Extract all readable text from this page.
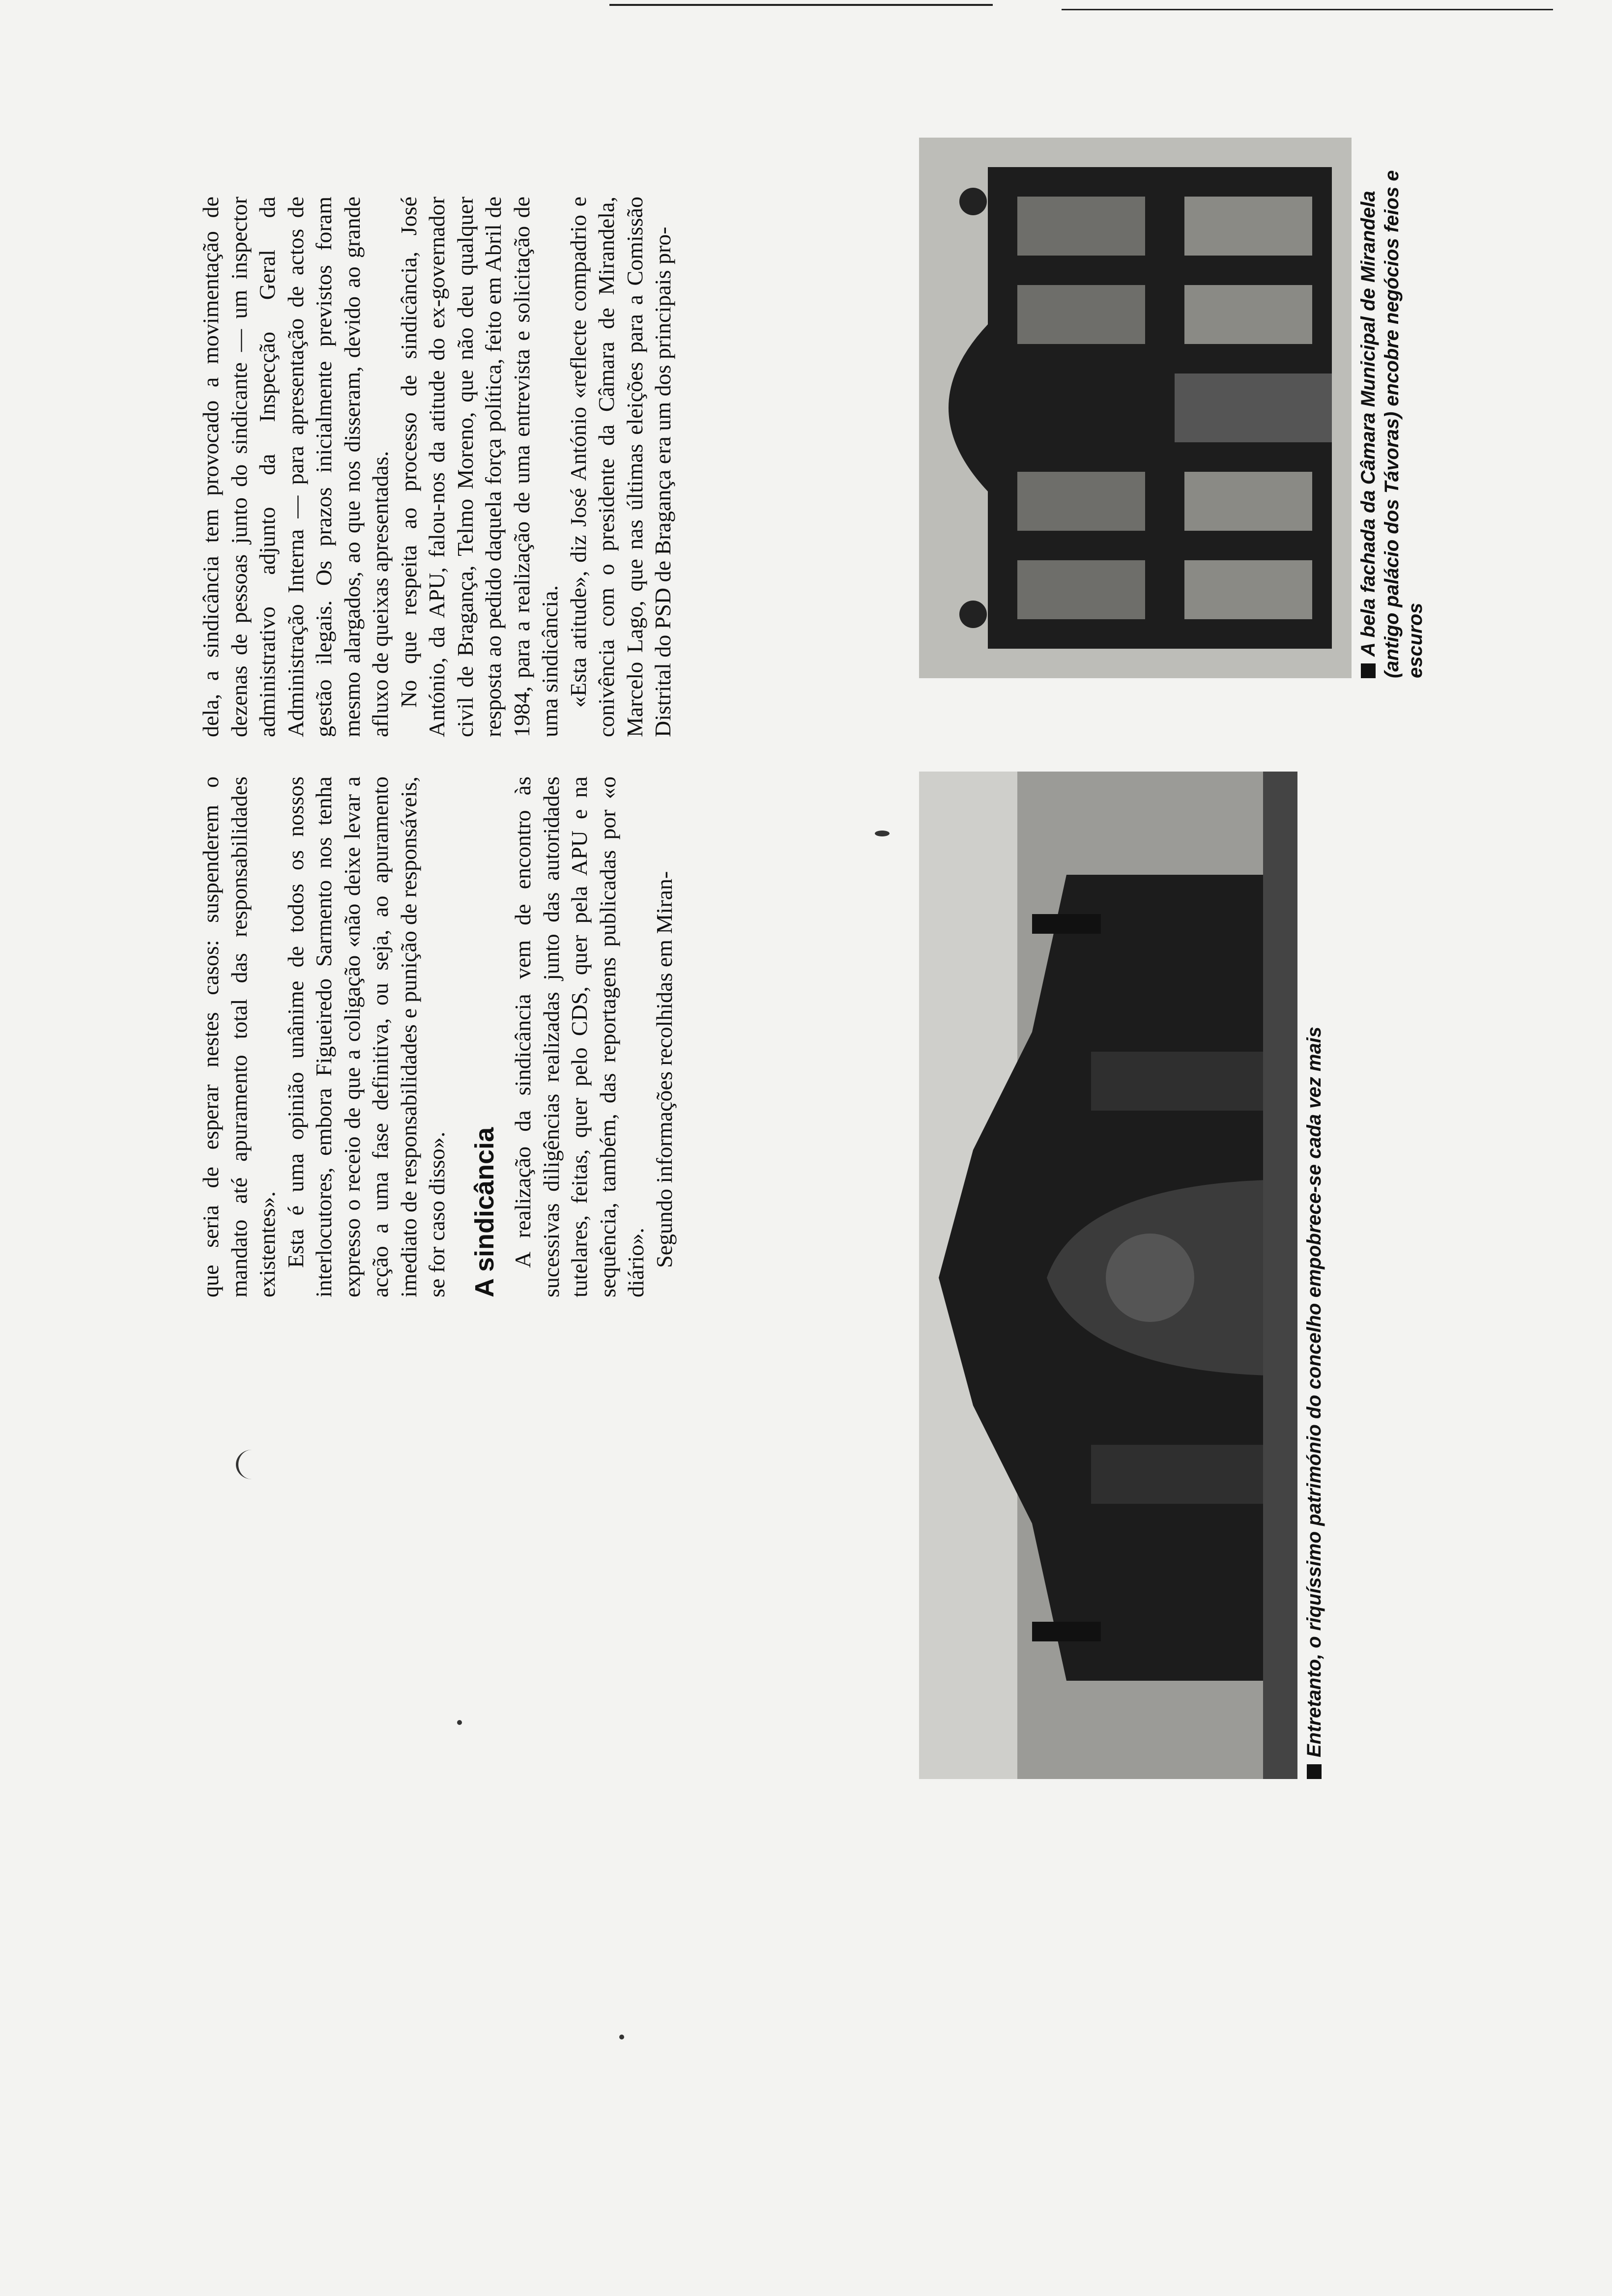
que seria de esperar nestes casos: suspenderem o mandato até apuramento total das responsabilidades existentes». Esta é uma opinião unânime de todos os nossos interlocutores, embora Figueiredo Sarmento nos tenha expresso o receio de que a coligação «não deixe levar a acção a uma fase definitiva, ou seja, ao apuramento imediato de responsabilidades e punição de responsáveis, se for caso disso». A sindicância A realização da sindicância vem de encontro às sucessivas diligências realizadas junto das autoridades tutelares, feitas, quer pelo CDS, quer pela APU e na sequência, também, das reportagens publicadas por «o diário». Segundo informações recolhidas em Miran-

dela, a sindicância tem provocado a movimentação de dezenas de pessoas junto do sindicante — um inspector administrativo adjunto da Inspecção Geral da Administração Interna — para apresentação de actos de gestão ilegais. Os prazos inicialmente previstos foram mesmo alargados, ao que nos disseram, devido ao grande afluxo de queixas apresentadas. No que respeita ao processo de sindicância, José António, da APU, falou-nos da atitude do ex-governador civil de Bragança, Telmo Moreno, que não deu qualquer resposta ao pedido daquela força política, feito em Abril de 1984, para a realização de uma entrevista e solicitação de uma sindicância. «Esta atitude», diz José António «reflecte compadrio e conivência com o presidente da Câmara de Mirandela, Marcelo Lago, que nas últimas eleições para a Comissão Distrital do PSD de Bragança era um dos principais pro-

Entretanto, o riquíssimo património do concelho empobrece-se cada vez mais
A bela fachada da Câmara Municipal de Mirandela (antigo palácio dos Távoras) encobre negócios feios e escuros
